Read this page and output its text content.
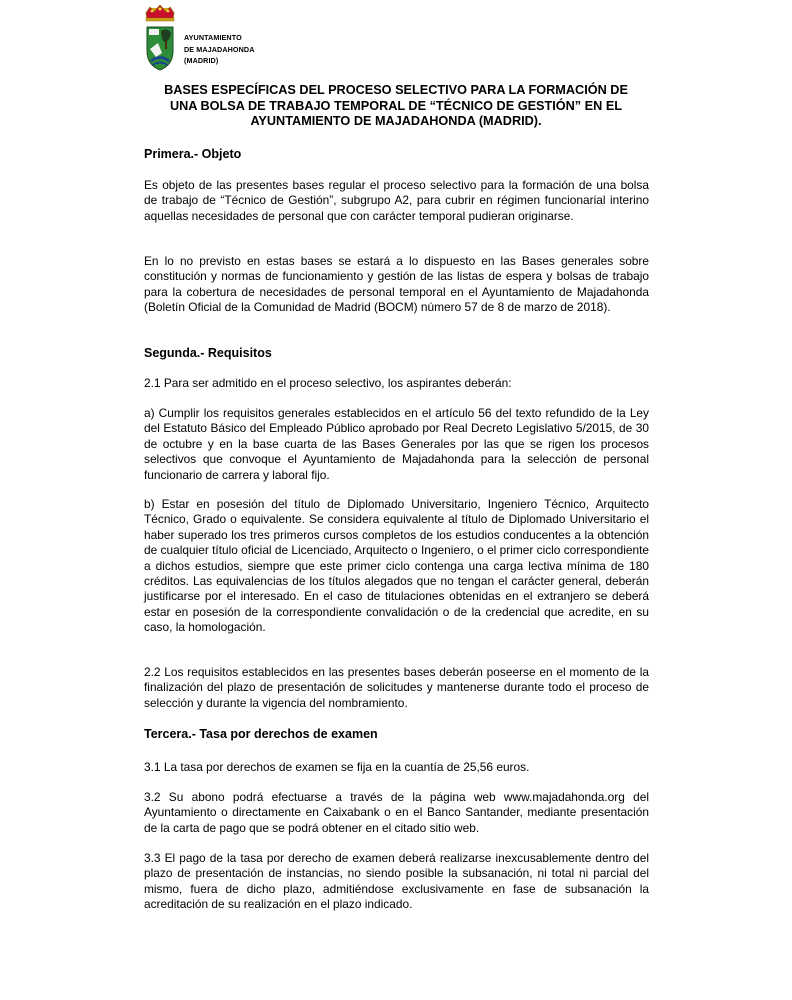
AYUNTAMIENTO
DE MAJADAHONDA
(MADRID)
BASES ESPECÍFICAS DEL PROCESO SELECTIVO PARA LA FORMACIÓN DE
UNA BOLSA DE TRABAJO TEMPORAL DE “TÉCNICO DE GESTIÓN” EN EL
AYUNTAMIENTO DE MAJADAHONDA (MADRID).
Primera.- Objeto

Es objeto de las presentes bases regular el proceso selectivo para la formación de una bolsa de trabajo de “Técnico de Gestión”, subgrupo A2, para cubrir en régimen funcionarial interino aquellas necesidades de personal que con carácter temporal pudieran originarse.

En lo no previsto en estas bases se estará a lo dispuesto en las Bases generales sobre constitución y normas de funcionamiento y gestión de las listas de espera y bolsas de trabajo para la cobertura de necesidades de personal temporal en el Ayuntamiento de Majadahonda (Boletín Oficial de la Comunidad de Madrid (BOCM) número 57 de 8 de marzo de 2018).

Segunda.- Requisitos

2.1 Para ser admitido en el proceso selectivo, los aspirantes deberán:

a) Cumplir los requisitos generales establecidos en el artículo 56 del texto refundido de la Ley del Estatuto Básico del Empleado Público aprobado por Real Decreto Legislativo 5/2015, de 30 de octubre y en la base cuarta de las Bases Generales por las que se rigen los procesos selectivos que convoque el Ayuntamiento de Majadahonda para la selección de personal funcionario de carrera y laboral fijo.

b) Estar en posesión del título de Diplomado Universitario, Ingeniero Técnico, Arquitecto Técnico, Grado o equivalente. Se considera equivalente al título de Diplomado Universitario el haber superado los tres primeros cursos completos de los estudios conducentes a la obtención de cualquier título oficial de Licenciado, Arquitecto o Ingeniero, o el primer ciclo correspondiente a dichos estudios, siempre que este primer ciclo contenga una carga lectiva mínima de 180 créditos. Las equivalencias de los títulos alegados que no tengan el carácter general, deberán justificarse por el interesado. En el caso de titulaciones obtenidas en el extranjero se deberá estar en posesión de la correspondiente convalidación o de la credencial que acredite, en su caso, la homologación.

2.2 Los requisitos establecidos en las presentes bases deberán poseerse en el momento de la finalización del plazo de presentación de solicitudes y mantenerse durante todo el proceso de selección y durante la vigencia del nombramiento.

Tercera.- Tasa por derechos de examen

3.1 La tasa por derechos de examen se fija en la cuantía de 25,56 euros.

3.2 Su abono podrá efectuarse a través de la página web www.majadahonda.org del Ayuntamiento o directamente en Caixabank o en el Banco Santander, mediante presentación de la carta de pago que se podrá obtener en el citado sitio web.

3.3 El pago de la tasa por derecho de examen deberá realizarse inexcusablemente dentro del plazo de presentación de instancias, no siendo posible la subsanación, ni total ni parcial del mismo, fuera de dicho plazo, admitiéndose exclusivamente en fase de subsanación la acreditación de su realización en el plazo indicado.
